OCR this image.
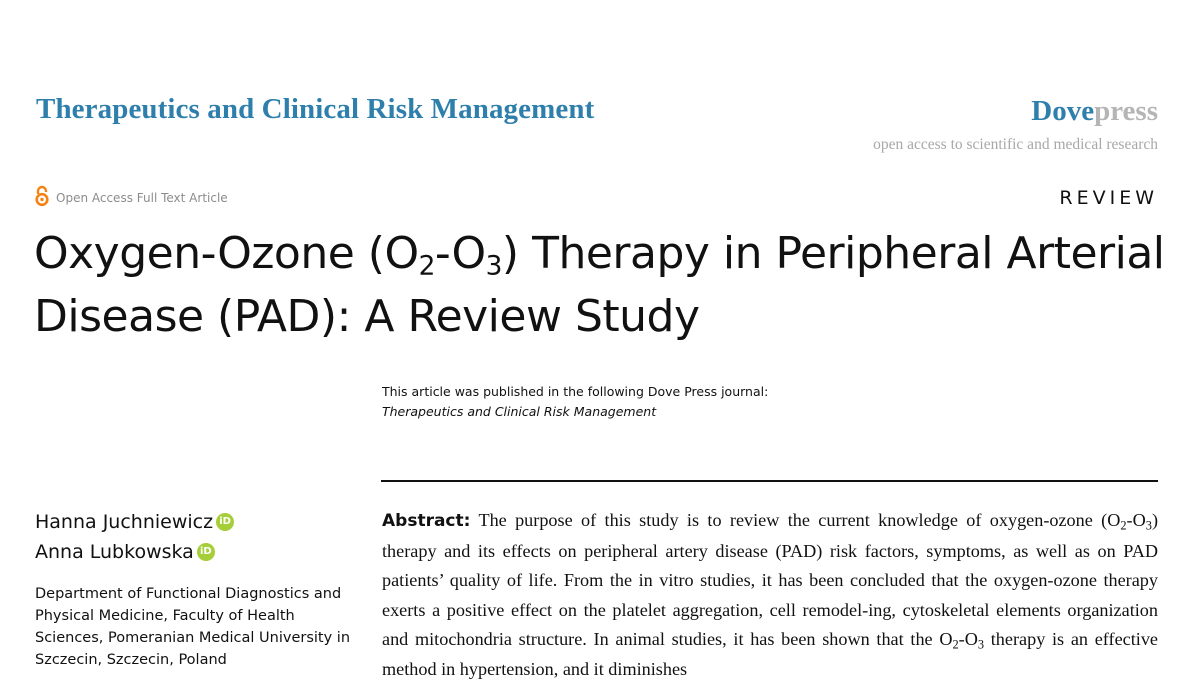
Therapeutics and Clinical Risk Management	Dovepress
open access to scientific and medical research
Open Access Full Text Article	REVIEW
Oxygen-Ozone $(O_2-O_3)$ Therapy in Peripheral Arterial Disease (PAD): A Review Study
This article was published in the following Dove Press journal:
Therapeutics and Clinical Risk Management
Hanna Juchniewicz iD
Anna Lubkowska iD
Department of Functional Diagnostics and Physical Medicine, Faculty of Health Sciences, Pomeranian Medical University in Szczecin, Szczecin, Poland
Abstract: The purpose of this study is to review the current knowledge of oxygen-ozone $(O_2-O_3)$ therapy and its effects on peripheral artery disease (PAD) risk factors, symptoms, as well as on PAD patients’ quality of life. From the in vitro studies, it has been concluded that the oxygen-ozone therapy exerts a positive effect on the platelet aggregation, cell remodel-ing, cytoskeletal elements organization and mitochondria structure. In animal studies, it has been shown that the $O_2-O_3$ therapy is an effective method in hypertension, and it diminishes
